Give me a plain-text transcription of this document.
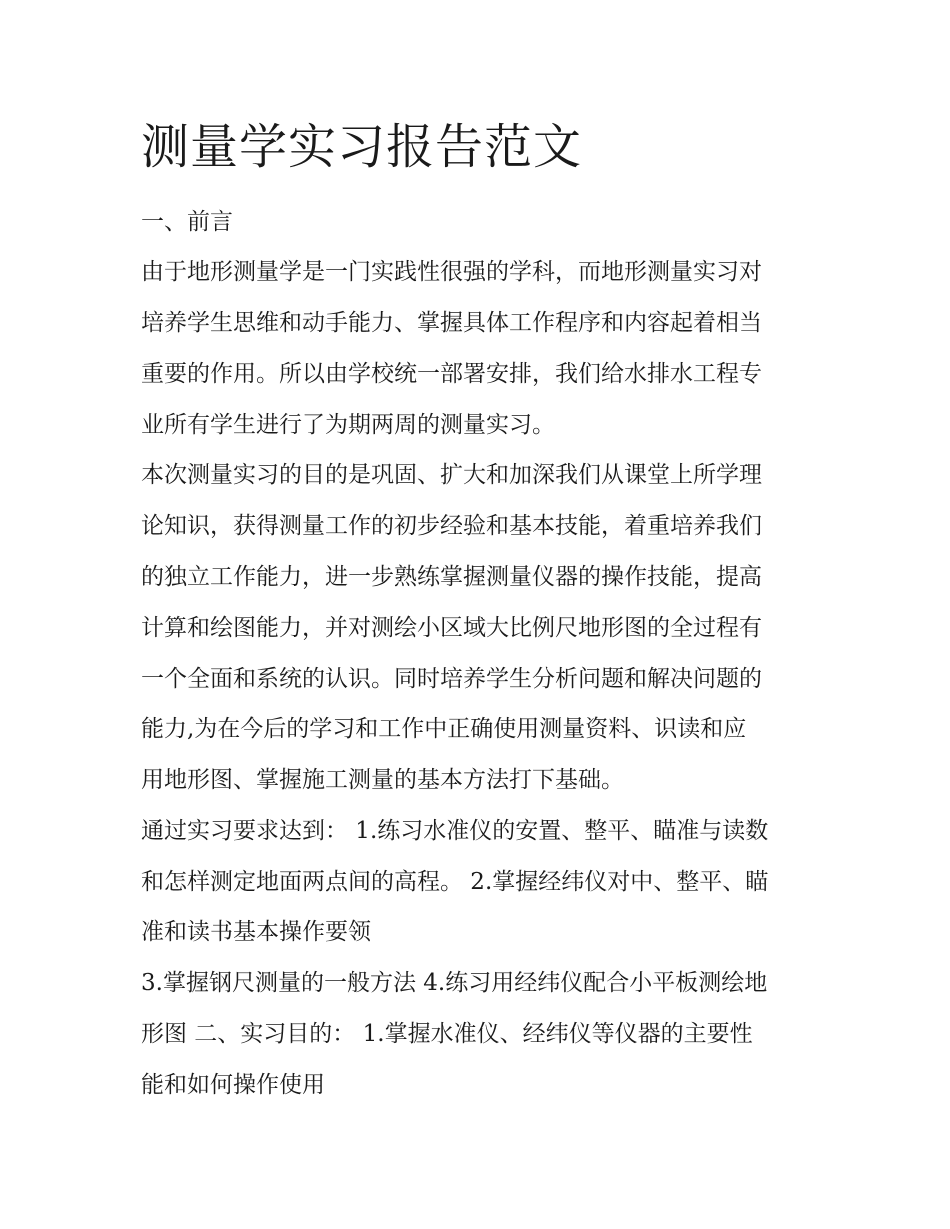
测量学实习报告范文

一、前言

由于地形测量学是一门实践性很强的学科，而地形测量实习对

培养学生思维和动手能力、掌握具体工作程序和内容起着相当

重要的作用。所以由学校统一部署安排，我们给水排水工程专

业所有学生进行了为期两周的测量实习。

本次测量实习的目的是巩固、扩大和加深我们从课堂上所学理

论知识，获得测量工作的初步经验和基本技能，着重培养我们

的独立工作能力，进一步熟练掌握测量仪器的操作技能，提高

计算和绘图能力，并对测绘小区域大比例尺地形图的全过程有

一个全面和系统的认识。同时培养学生分析问题和解决问题的

能力,为在今后的学习和工作中正确使用测量资料、识读和应

用地形图、掌握施工测量的基本方法打下基础。

通过实习要求达到： 1.练习水准仪的安置、整平、瞄准与读数

和怎样测定地面两点间的高程。 2.掌握经纬仪对中、整平、瞄

准和读书基本操作要领

3.掌握钢尺测量的一般方法 4.练习用经纬仪配合小平板测绘地

形图 二、实习目的： 1.掌握水准仪、经纬仪等仪器的主要性

能和如何操作使用
